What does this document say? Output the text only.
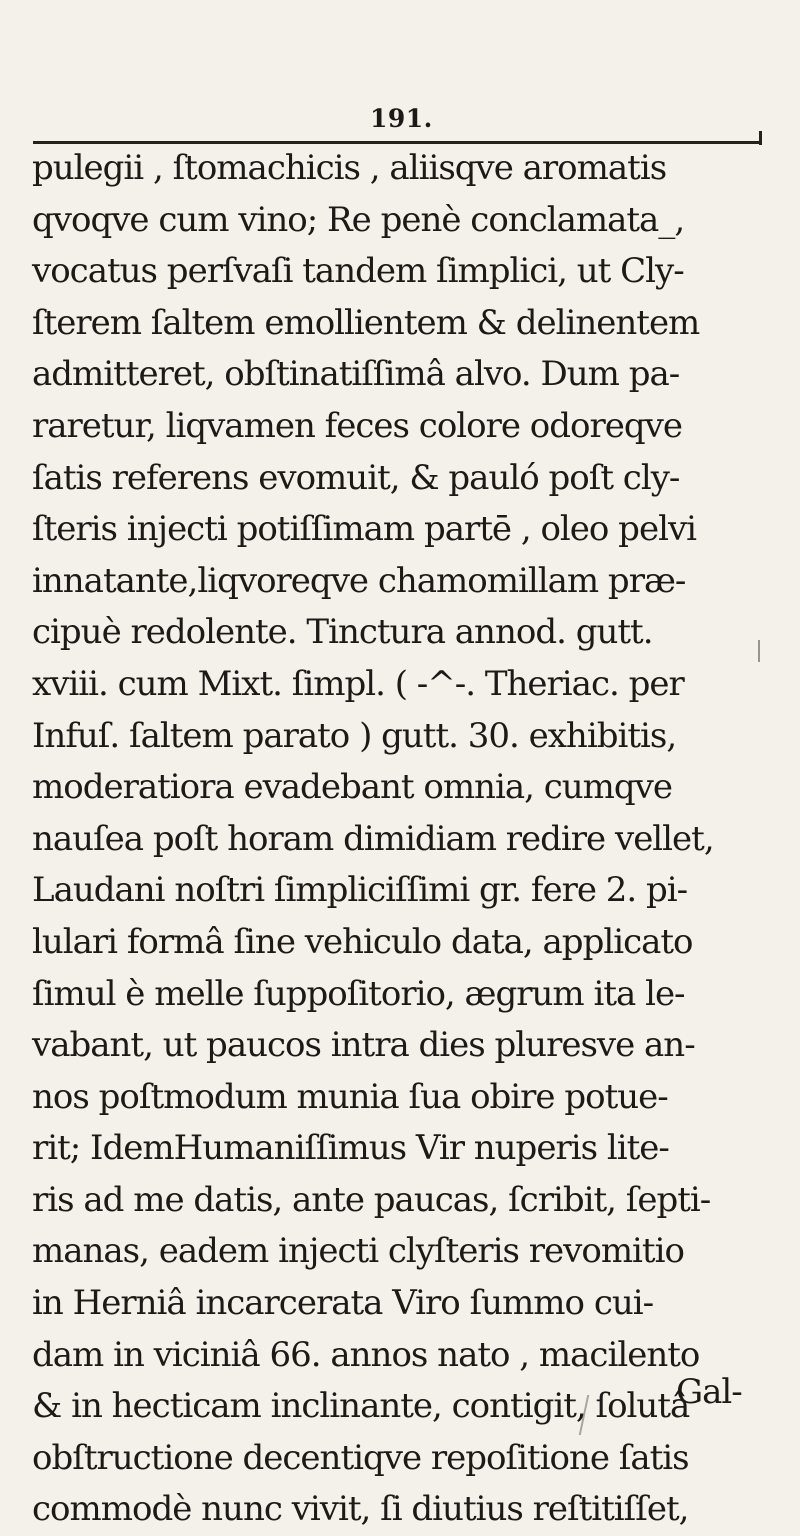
191.
pulegii , ſtomachicis , aliisqve aromatis
qvoqve cum vino; Re penè conclamata_,
vocatus perſvaſi tandem ſimplici, ut Cly-
ſterem ſaltem emollientem & delinentem
admitteret, obſtinatiſſimâ alvo. Dum pa-
raretur, liqvamen feces colore odoreqve
ſatis referens evomuit, & pauló poſt cly-
ſteris injecti potiſſimam partē , oleo pelvi
innatante,liqvoreqve chamomillam præ-
cipuè redolente. Tinctura annod. gutt.
xviii. cum Mixt. ſimpl. ( -^-. Theriac. per
Infuſ. ſaltem parato ) gutt. 30. exhibitis,
moderatiora evadebant omnia, cumqve
nauſea poſt horam dimidiam redire vellet,
Laudani noſtri ſimpliciſſimi gr. fere 2. pi-
lulari formâ ſine vehiculo data, applicato
ſimul è melle ſuppoſitorio, ægrum ita le-
vabant, ut paucos intra dies pluresve an-
nos poſtmodum munia ſua obire potue-
rit; IdemHumaniſſimus Vir nuperis lite-
ris ad me datis, ante paucas, ſcribit, ſepti-
manas, eadem injecti clyſteris revomitio
in Herniâ incarcerata Viro ſummo cui-
dam in viciniâ 66. annos nato , macilento
& in hecticam inclinante, contigit, ſolutâ
obſtructione decentiqve repoſitione ſatis
commodè nunc vivit, ſi diutius reſtitiſſet,
Gal-
